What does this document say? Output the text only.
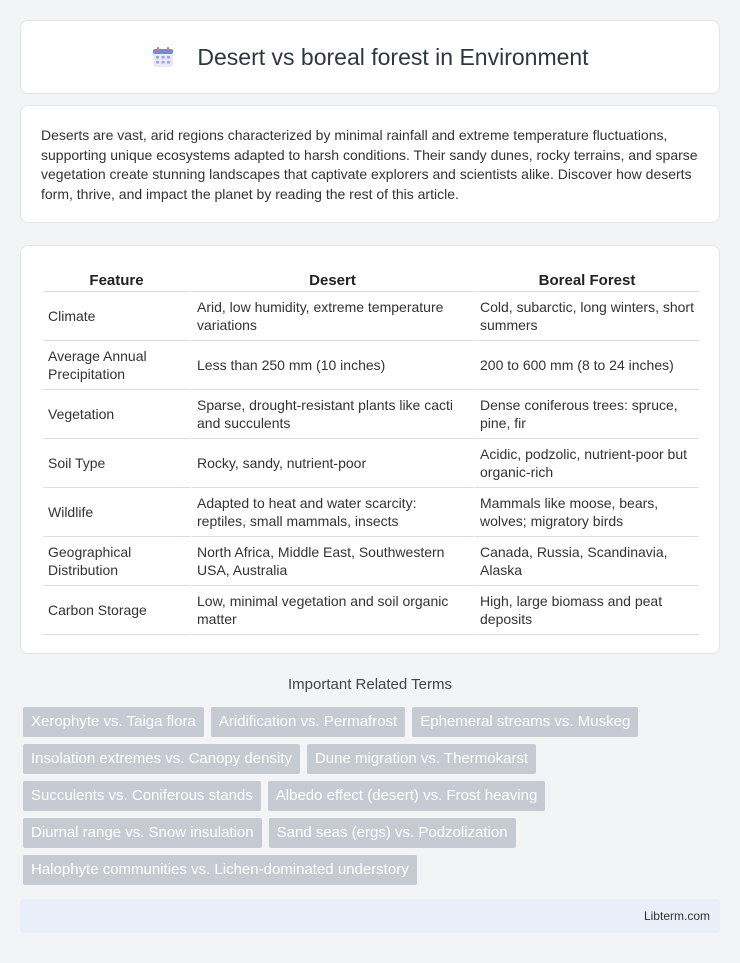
Desert vs boreal forest in Environment

Deserts are vast, arid regions characterized by minimal rainfall and extreme temperature fluctuations, supporting unique ecosystems adapted to harsh conditions. Their sandy dunes, rocky terrains, and sparse vegetation create stunning landscapes that captivate explorers and scientists alike. Discover how deserts form, thrive, and impact the planet by reading the rest of this article.

Feature	Desert	Boreal Forest
Climate	Arid, low humidity, extreme temperature variations	Cold, subarctic, long winters, short summers
Average Annual Precipitation	Less than 250 mm (10 inches)	200 to 600 mm (8 to 24 inches)
Vegetation	Sparse, drought-resistant plants like cacti and succulents	Dense coniferous trees: spruce, pine, fir
Soil Type	Rocky, sandy, nutrient-poor	Acidic, podzolic, nutrient-poor but organic-rich
Wildlife	Adapted to heat and water scarcity: reptiles, small mammals, insects	Mammals like moose, bears, wolves; migratory birds
Geographical Distribution	North Africa, Middle East, Southwestern USA, Australia	Canada, Russia, Scandinavia, Alaska
Carbon Storage	Low, minimal vegetation and soil organic matter	High, large biomass and peat deposits
Important Related Terms
Xerophyte vs. Taiga flora	Aridification vs. Permafrost	Ephemeral streams vs. Muskeg
Insolation extremes vs. Canopy density	Dune migration vs. Thermokarst
Succulents vs. Coniferous stands	Albedo effect (desert) vs. Frost heaving
Diurnal range vs. Snow insulation	Sand seas (ergs) vs. Podzolization
Halophyte communities vs. Lichen-dominated understory
Libterm.com
